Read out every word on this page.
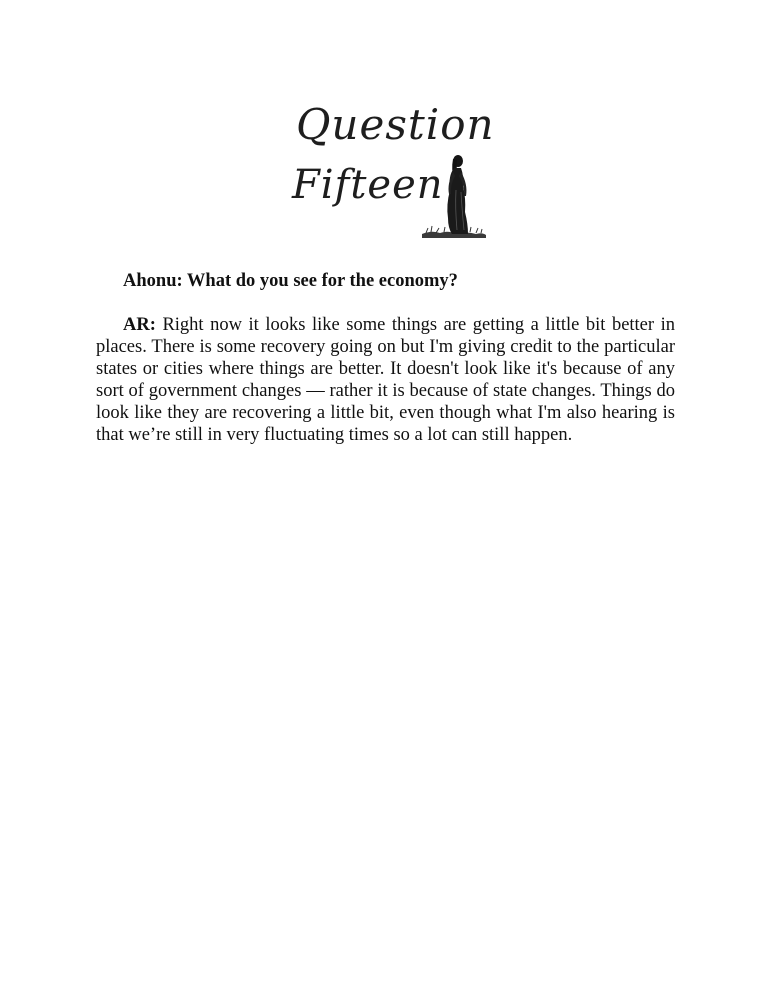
Question
Fifteen
Ahonu: What do you see for the economy?
AR: Right now it looks like some things are getting a little bit better in places. There is some recovery going on but I'm giving credit to the particular states or cities where things are better. It doesn't look like it's because of any sort of government changes — rather it is because of state changes. Things do look like they are recovering a little bit, even though what I'm also hearing is that we’re still in very fluctuating times so a lot can still happen.
